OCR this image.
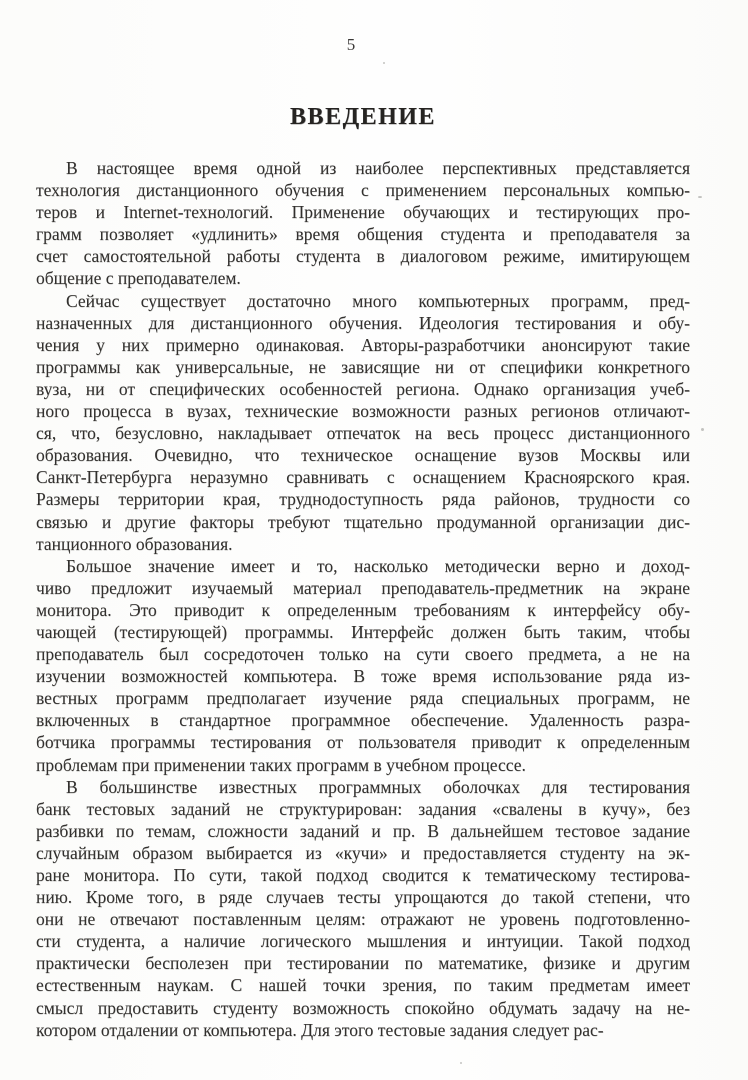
5
ВВЕДЕНИЕ
В настоящее время одной из наиболее перспективных представляется
технология дистанционного обучения с применением персональных компью-
теров и Internet-технологий. Применение обучающих и тестирующих про-
грамм позволяет «удлинить» время общения студента и преподавателя за
счет самостоятельной работы студента в диалоговом режиме, имитирующем
общение с преподавателем.
Сейчас существует достаточно много компьютерных программ, пред-
назначенных для дистанционного обучения. Идеология тестирования и обу-
чения у них примерно одинаковая. Авторы-разработчики анонсируют такие
программы как универсальные, не зависящие ни от специфики конкретного
вуза, ни от специфических особенностей региона. Однако организация учеб-
ного процесса в вузах, технические возможности разных регионов отличают-
ся, что, безусловно, накладывает отпечаток на весь процесс дистанционного
образования. Очевидно, что техническое оснащение вузов Москвы или
Санкт-Петербурга неразумно сравнивать с оснащением Красноярского края.
Размеры территории края, труднодоступность ряда районов, трудности со
связью и другие факторы требуют тщательно продуманной организации дис-
танционного образования.
Большое значение имеет и то, насколько методически верно и доход-
чиво предложит изучаемый материал преподаватель-предметник на экране
монитора. Это приводит к определенным требованиям к интерфейсу обу-
чающей (тестирующей) программы. Интерфейс должен быть таким, чтобы
преподаватель был сосредоточен только на сути своего предмета, а не на
изучении возможностей компьютера. В тоже время использование ряда из-
вестных программ предполагает изучение ряда специальных программ, не
включенных в стандартное программное обеспечение. Удаленность разра-
ботчика программы тестирования от пользователя приводит к определенным
проблемам при применении таких программ в учебном процессе.
В большинстве известных программных оболочках для тестирования
банк тестовых заданий не структурирован: задания «свалены в кучу», без
разбивки по темам, сложности заданий и пр. В дальнейшем тестовое задание
случайным образом выбирается из «кучи» и предоставляется студенту на эк-
ране монитора. По сути, такой подход сводится к тематическому тестирова-
нию. Кроме того, в ряде случаев тесты упрощаются до такой степени, что
они не отвечают поставленным целям: отражают не уровень подготовленно-
сти студента, а наличие логического мышления и интуиции. Такой подход
практически бесполезен при тестировании по математике, физике и другим
естественным наукам. С нашей точки зрения, по таким предметам имеет
смысл предоставить студенту возможность спокойно обдумать задачу на не-
котором отдалении от компьютера. Для этого тестовые задания следует рас-
